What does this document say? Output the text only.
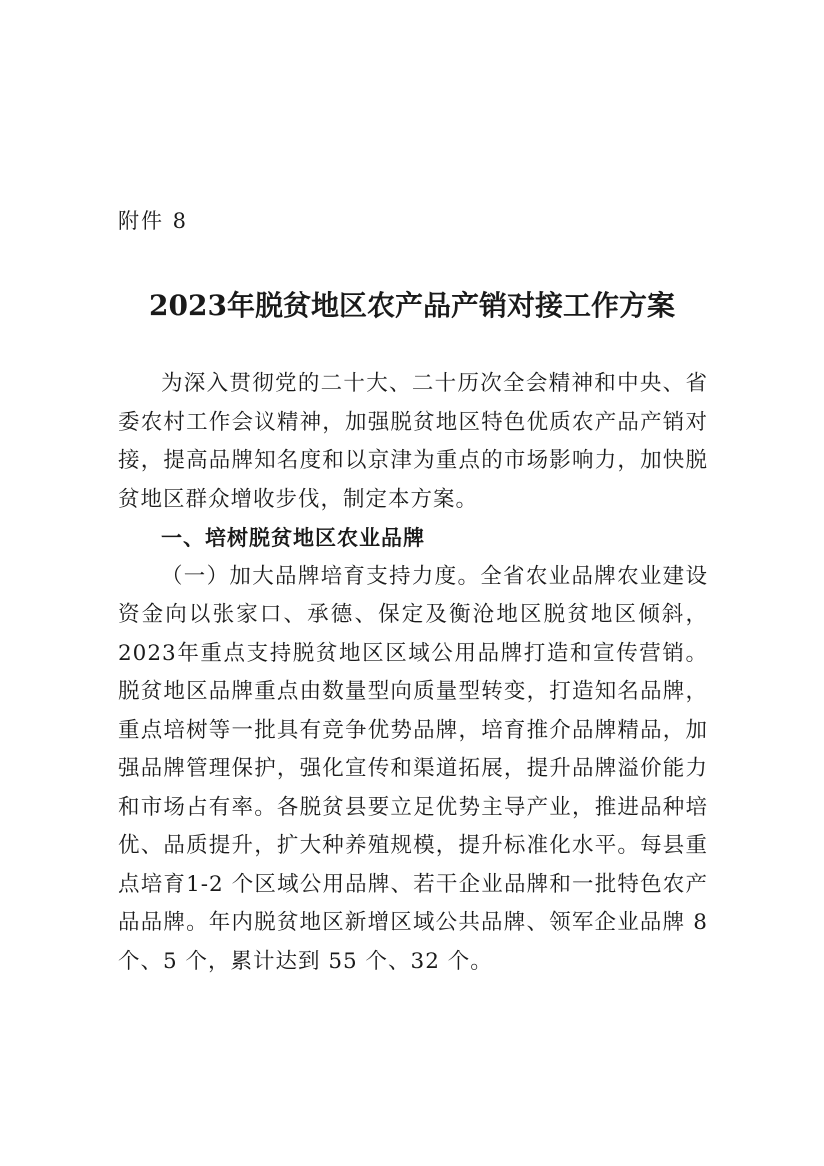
附件 8

2023年脱贫地区农产品产销对接工作方案

为深入贯彻党的二十大、二十历次全会精神和中央、省委农村工作会议精神，加强脱贫地区特色优质农产品产销对接，提高品牌知名度和以京津为重点的市场影响力，加快脱贫地区群众增收步伐，制定本方案。

一、培树脱贫地区农业品牌

（一）加大品牌培育支持力度。全省农业品牌农业建设资金向以张家口、承德、保定及衡沧地区脱贫地区倾斜，2023年重点支持脱贫地区区域公用品牌打造和宣传营销。脱贫地区品牌重点由数量型向质量型转变，打造知名品牌，重点培树等一批具有竞争优势品牌，培育推介品牌精品，加强品牌管理保护，强化宣传和渠道拓展，提升品牌溢价能力和市场占有率。各脱贫县要立足优势主导产业，推进品种培优、品质提升，扩大种养殖规模，提升标准化水平。每县重点培育1-2 个区域公用品牌、若干企业品牌和一批特色农产品品牌。年内脱贫地区新增区域公共品牌、领军企业品牌 8 个、5 个，累计达到 55 个、32 个。
